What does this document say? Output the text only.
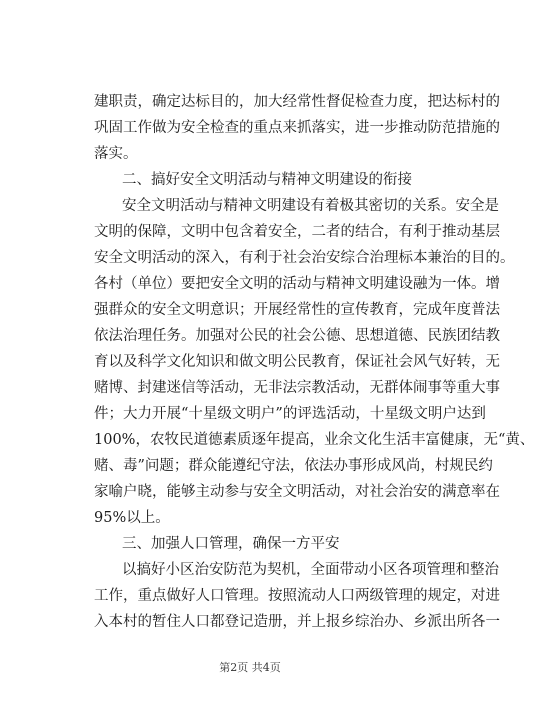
建职责，确定达标目的，加大经常性督促检查力度，把达标村的
巩固工作做为安全检查的重点来抓落实，进一步推动防范措施的
落实。
二、搞好安全文明活动与精神文明建设的衔接
安全文明活动与精神文明建设有着极其密切的关系。安全是
文明的保障，文明中包含着安全，二者的结合，有利于推动基层
安全文明活动的深入，有利于社会治安综合治理标本兼治的目的。
各村（单位）要把安全文明的活动与精神文明建设融为一体。增
强群众的安全文明意识；开展经常性的宣传教育，完成年度普法
依法治理任务。加强对公民的社会公德、思想道德、民族团结教
育以及科学文化知识和做文明公民教育，保证社会风气好转，无
赌博、封建迷信等活动，无非法宗教活动，无群体闹事等重大事
件；大力开展“十星级文明户”的评选活动，十星级文明户达到
100%，农牧民道德素质逐年提高，业余文化生活丰富健康，无“黄、
赌、毒”问题；群众能遵纪守法，依法办事形成风尚，村规民约
家喻户晓，能够主动参与安全文明活动，对社会治安的满意率在
95%以上。
三、加强人口管理，确保一方平安
以搞好小区治安防范为契机，全面带动小区各项管理和整治
工作，重点做好人口管理。按照流动人口两级管理的规定，对进
入本村的暂住人口都登记造册，并上报乡综治办、乡派出所各一
第2页 共4页
